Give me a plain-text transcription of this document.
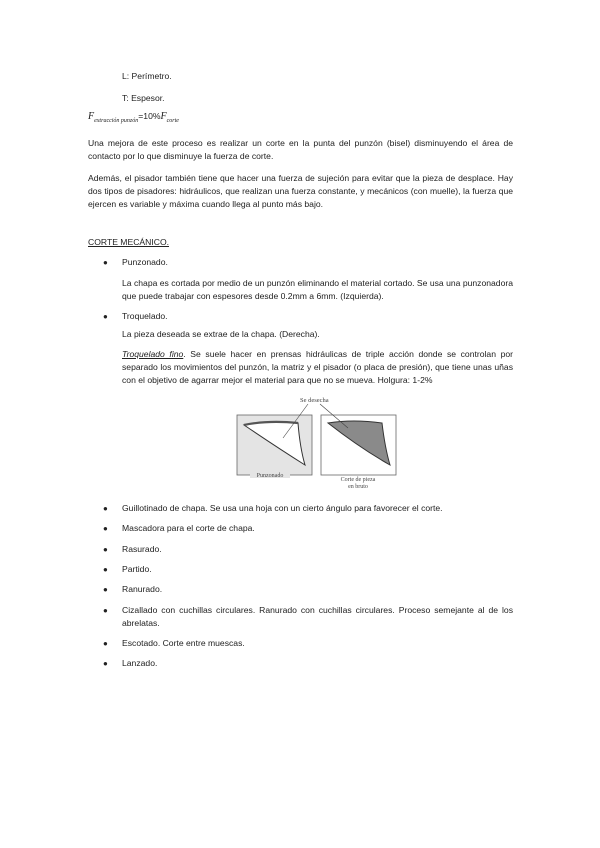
L: Perímetro.
T: Espesor.
$F_{extracción punzón}=10\%F_{corte}$
Una mejora de este proceso es realizar un corte en la punta del punzón (bisel) disminuyendo el área de contacto por lo que disminuye la fuerza de corte.
Además, el pisador también tiene que hacer una fuerza de sujeción para evitar que la pieza de desplace. Hay dos tipos de pisadores: hidráulicos, que realizan una fuerza constante, y mecánicos (con muelle), la fuerza que ejercen es variable y máxima cuando llega al punto más bajo.
CORTE MECÁNICO.
●	Punzonado.
La chapa es cortada por medio de un punzón eliminando el material cortado. Se usa una punzonadora que puede trabajar con espesores desde 0.2mm a 6mm. (Izquierda).
●	Troquelado.
La pieza deseada se extrae de la chapa. (Derecha).
Troquelado fino. Se suele hacer en prensas hidráulicas de triple acción donde se controlan por separado los movimientos del punzón, la matriz y el pisador (o placa de presión), que tiene unas uñas con el objetivo de agarrar mejor el material para que no se mueva. Holgura: 1-2%
Se desecha
Punzonado
Corte de pieza
en bruto
●	Guillotinado de chapa. Se usa una hoja con un cierto ángulo para favorecer el corte.
●	Mascadora para el corte de chapa.
●	Rasurado.
●	Partido.
●	Ranurado.
●	Cizallado con cuchillas circulares. Ranurado con cuchillas circulares. Proceso semejante al de los abrelatas.
●	Escotado. Corte entre muescas.
●	Lanzado.
